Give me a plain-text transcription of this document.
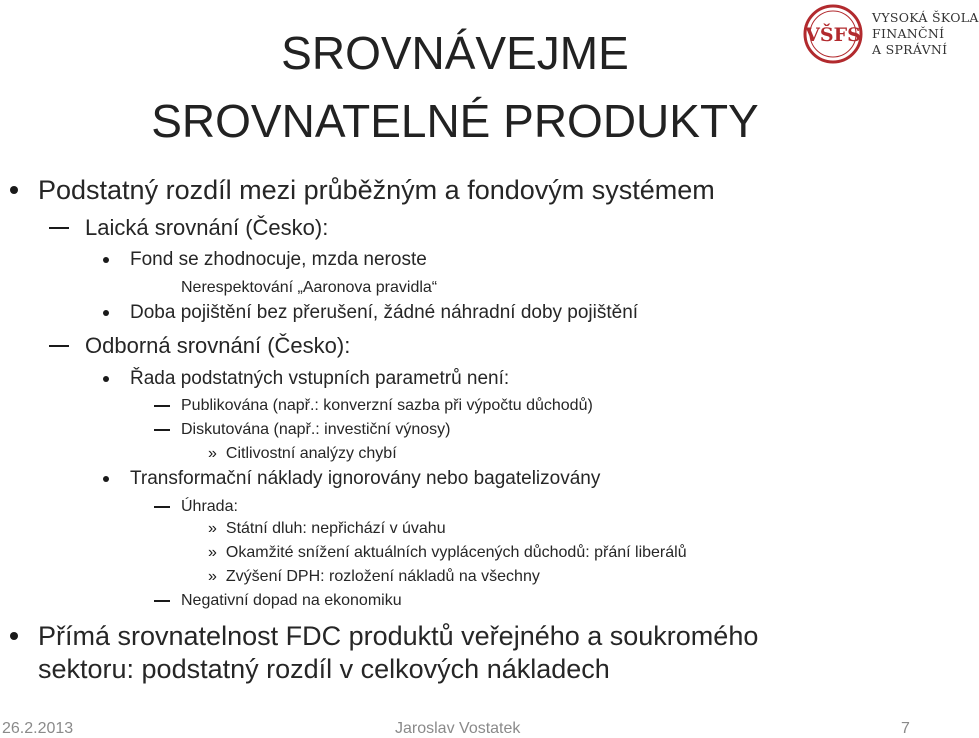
SROVNÁVEJME
SROVNATELNÉ PRODUKTY
VŠFS
VYSOKÁ ŠKOLA
FINANČNÍ
A SPRÁVNÍ
Podstatný rozdíl mezi průběžným a fondovým systémem
Laická srovnání (Česko):
Fond se zhodnocuje, mzda neroste
Nerespektování „Aaronova pravidla“
Doba pojištění bez přerušení, žádné náhradní doby pojištění
Odborná srovnání (Česko):
Řada podstatných vstupních parametrů není:
Publikována (např.: konverzní sazba při výpočtu důchodů)
Diskutována (např.: investiční výnosy)
» Citlivostní analýzy chybí
Transformační náklady ignorovány nebo bagatelizovány
Úhrada:
» Státní dluh: nepřichází v úvahu
» Okamžité snížení aktuálních vyplácených důchodů: přání liberálů
» Zvýšení DPH: rozložení nákladů na všechny
Negativní dopad na ekonomiku
Přímá srovnatelnost FDC produktů veřejného a soukromého
sektoru: podstatný rozdíl v celkových nákladech
26.2.2013	Jaroslav Vostatek	7
